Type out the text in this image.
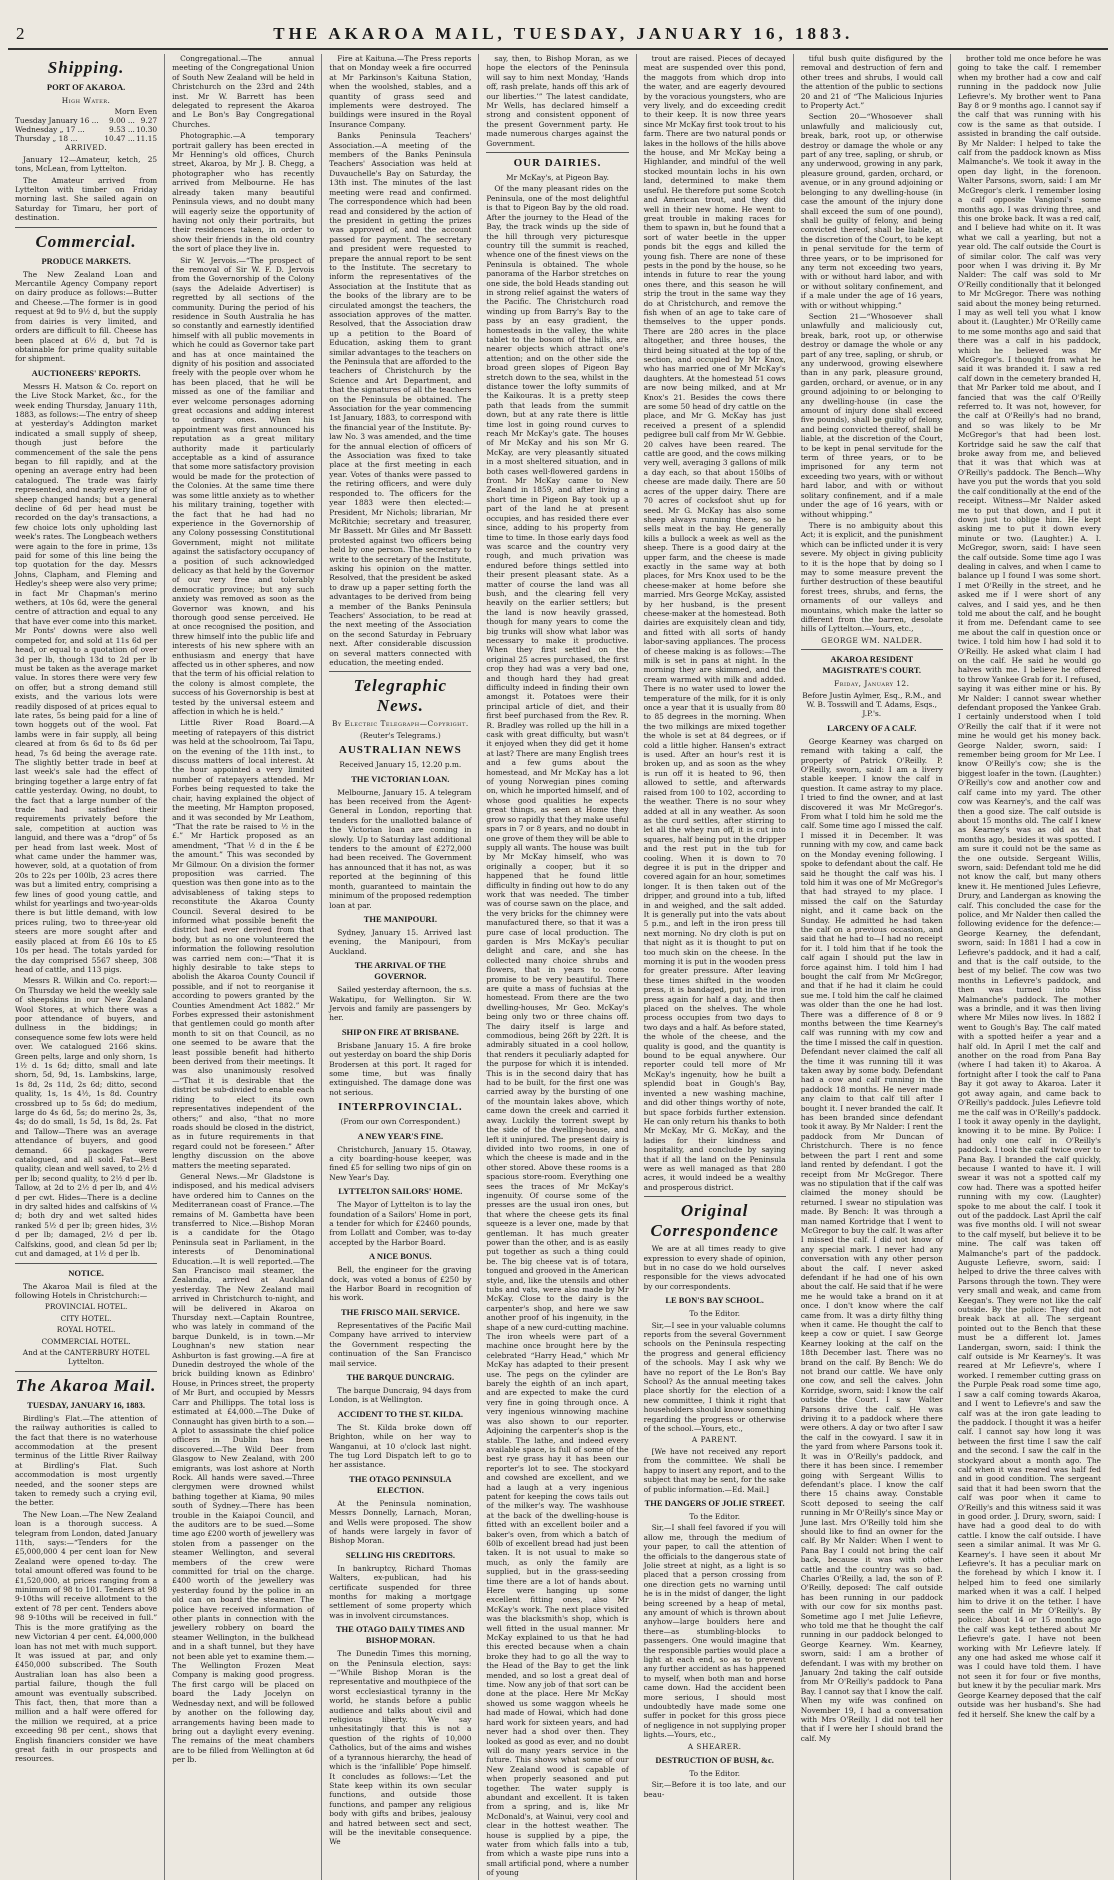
2	THE AKAROA MAIL, TUESDAY, JANUARY 16, 1883.
Shipping.
PORT OF AKAROA.

High Water.

	Morn	Even
Tuesday January 16 ...	9.00 ...	9.27
Wednesday „ 17 ...	9.53 ...	10.30
Thursday „ 18 ...	10.47 ...	11.15

ARRIVED.

January 12—Amateur, ketch, 25 tons, McLean, from Lyttelton.

The Amateur arrived from Lyttelton with timber on Friday morning last. She sailed again on Saturday for Timaru, her port of destination.

Commercial.
PRODUCE MARKETS.

The New Zealand Loan and Mercantile Agency Company report on dairy produce as follows:—Butter and Cheese.—The former is in good request at 9d to 9½ d, but the supply from dairies is very limited, and orders are difficult to fill. Cheese has been placed at 6½ d, but 7d is obtainable for prime quality suitable for shipment.

AUCTIONEERS' REPORTS.

Messrs H. Matson & Co. report on the Live Stock Market, &c., for the week ending Thursday, January 11th, 1883, as follows:—The entry of sheep at yesterday's Addington market indicated a small supply of sheep, though just before the commencement of the sale the pens began to fill rapidly, and at the opening an average entry had been catalogued. The trade was fairly represented, and nearly every line of sheep changed hands; but a general decline of 6d per head must be recorded on the day's transactions, a few choice lots only upholding last week's rates. The Longbeach wethers were again to the fore in prime, 13s paid for some of this line being the top quotation for the day. Messrs Johns, Clapham, and Fleming and Hedley's sheep were also very prime; in fact Mr Chapman's merino wethers, at 10s 6d, were the general centre of attraction and equal to any that have ever come into this market. Mr Ponts' downs were also well competed for, and sold at 11s 6d per head, or equal to a quotation of over 3d per lb, though 13d to 2d per lb must be taken as the average market value. In stores there were very few on offer, but a strong demand still exists, and the various lots were readily disposed of at prices equal to late rates, 5s being paid for a line of town hoggets out of the wool. Fat lambs were in fair supply, all being cleared at from 6s 6d to 8s 6d per head, 7s 6d being the average rate. The slightly better trade in beef at last week's sale had the effect of bringing together a large entry of fat cattle yesterday. Owing, no doubt, to the fact that a large number of the trade had satisfied their requirements privately before the sale, competition at auction was languid, and there was a “drop” of 5s per head from last week. Most of what came under the hammer was, however, sold, at a quotation of from 20s to 22s per 100lb, 23 acres there was but a limited entry, comprising a few lines of good young cattle, and whilst for yearlings and two-year-olds there is but little demand, with low prices ruling, two to three-year old steers are more sought after and easily placed at from £6 10s to £5 10s per head. The totals yarded for the day comprised 5567 sheep, 308 head of cattle, and 113 pigs.

Messrs R. Wilkin and Co. report:—On Thursday we held the weekly sale of sheepskins in our New Zealand Wool Stores, at which there was a poor attendance of buyers, and dullness in the biddings; in consequence some few lots were held over. We catalogued 2166 skins. Green pelts, large and only shorn, 1s 1½ d. 1s 6d; ditto, small and late shorn, 5d, 9d, 1s. Lambskins, large, 1s 8d, 2s 11d, 2s 6d; ditto, second quality, 1s, 1s 4½, 1s 8d. Country crossbred up to 5s 6d; do medium, large do 4s 6d, 5s; do merino 2s, 3s, 4s; do do small, 1s 5d, 1s 8d, 2s. Fat and Tallow—There was an average attendance of buyers, and good demand. 66 packages were catalogued, and all sold. Fat—Best quality, clean and well saved, to 2½ d per lb; second quality, to 2½ d per lb. Tallow, at 2d to 2½ d per lb, and 4½ d per cwt. Hides—There is a decline in dry salted hides and calfskins of ¼ d; both dry and wet salted hides ranked 5½ d per lb; green hides, 3½ d per lb; damaged, 2½ d per lb. Calfskins, good, and clean 5d per lb; cut and damaged, at 1½ d per lb.

NOTICE.

The Akaroa Mail is filed at the following Hotels in Christchurch:—

PROVINCIAL HOTEL.

CITY HOTEL.

ROYAL HOTEL.

COMMERCIAL HOTEL.

And at the CANTERBURY HOTEL Lyttelton.

The Akaroa Mail.
TUESDAY, JANUARY 16, 1883.

Birdling's Flat.—The attention of the railway authorities is called to the fact that there is no waterhouse accommodation at the present terminus of the Little River Railway at Birdling's Flat. Such accommodation is most urgently needed, and the sooner steps are taken to remedy such a crying evil, the better.

The New Loan.—The New Zealand loan is a thorough success. A telegram from London, dated January 11th, says:—“Tenders for the £5,000,000 4 per cent loan for New Zealand were opened to-day. The total amount offered was found to be £1,520,000, at prices ranging from a minimum of 98 to 101. Tenders at 98 9-10ths will receive allotment to the extent of 78 per cent. Tenders above 98 9-10ths will be received in full.” This is the more gratifying as the new Victorian 4 per cent. £4,000,000 loan has not met with much support. It was issued at par, and only £450,000 subscribed. The South Australian loan has also been a partial failure, though the full amount was eventually subscribed. This fact, then, that more than a million and a half were offered for the million we required, at a price exceeding 98 per cent., shows that English financiers consider we have great faith in our prospects and resources.

Congregational.—The annual meeting of the Congregational Union of South New Zealand will be held in Christchurch on the 23rd and 24th inst. Mr W. Barrett has been delegated to represent the Akaroa and Le Bon's Bay Congregational Churches.

Photographic.—A temporary portrait gallery has been erected in Mr Henning's old offices, Church street, Akaroa, by Mr J. B. Chegg, a photographer who has recently arrived from Melbourne. He has already taken many beautiful Peninsula views, and no doubt many will eagerly seize the opportunity of having not only their portraits, but their residences taken, in order to show their friends in the old country the sort of place they live in.

Sir W. Jervois.—“The prospect of the removal of Sir W. F. D. Jervois from the Governorship of the Colony (says the Adelaide Advertiser) is regretted by all sections of the community. During the period of his residence in South Australia he has so constantly and earnestly identified himself with all public movements in which he could as Governor take part and has at once maintained the dignity of his position and associated freely with the people over whom he has been placed, that he will be missed as one of the familiar and ever welcome personages adorning great occasions and adding interest to ordinary ones. When his appointment was first announced his reputation as a great military authority made it particularly acceptable as a kind of assurance that some more satisfactory provision would be made for the protection of the Colonies. At the same time there was some little anxiety as to whether his military training, together with the fact that he had had no experience in the Governorship of any Colony possessing Constitutional Government, might not militate against the satisfactory occupancy of a position of such acknowledged delicacy as that held by the Governor of our very free and tolerably democratic province; but any such anxiety was removed as soon as the Governor was known, and his thorough good sense perceived. He at once recognised the position, and threw himself into the public life and interests of his new sphere with an enthusiasm and energy that have affected us in other spheres, and now that the term of his official relation to the colony is almost complete, the success of his Governorship is best at tested by the universal esteem and affection in which he is held.”

Little River Road Board.—A meeting of ratepayers of this district was held at the schoolroom, Tai Tapu, on the evening of the 11th inst., to discuss matters of local interest. At the hour appointed a very limited number of ratepayers attended. Mr Forbes being requested to take the chair, having explained the object of the meeting, Mr Hampton proposed, and it was seconded by Mr Leathom, “That the rate be raised to ½ in the £.” Mr Hartick proposed as an amendment, “That ½ d in the £ be the amount.” This was seconded by Mr Gilmour. On a division the former proposition was carried. The question was then gone into as to the advisableness of taking steps to reconstitute the Akaroa County Council. Several desired to be informed what possible benefit the district had ever derived from that body, but as no one volunteered the information the following resolution was carried nem con:—“That it is highly desirable to take steps to abolish the Akaroa County Council if possible, and if not to reorganise it according to powers granted by the Counties Amendment Act 1882.” Mr Forbes expressed their astonishment that gentlemen could go month after month to sit on that Council, as no one seemed to be aware that the least possible benefit had hitherto been derived from their meetings. It was also unanimously resolved—“That it is desirable that the district be sub-divided to enable each riding to elect its own representatives independent of the others;” and also, “that no more roads should be closed in the district, as in future requirements in that regard could not be foreseen.” After lengthy discussion on the above matters the meeting separated.

General News.—Mr Gladstone is indisposed, and his medical advisers have ordered him to Cannes on the Mediterranean coast of France.—The remains of M. Gambetta have been transferred to Nice.—Bishop Moran is a candidate for the Otago Peninsula seat in Parliament, in the interests of Denominational Education.—It is well reported.—The San Francisco mail steamer, the Zealandia, arrived at Auckland yesterday. The New Zealand mail arrived in Christchurch to-night, and will be delivered in Akaroa on Thursday next.—Captain Rountree, who was lately in command of the barque Dunkeld, is in town.—Mr Loughnan's new station near Ashburton is fast growing.—A fire at Dunedin destroyed the whole of the brick building known as Edinbro' House, in Princes street, the property of Mr Burt, and occupied by Messrs Carr and Phillipps. The total loss is estimated at £4,000.—The Duke of Connaught has given birth to a son.—A plot to assassinate the chief police officers in Dublin has been discovered.—The Wild Deer from Glasgow to New Zealand, with 200 emigrants, was lost ashore at North Rock. All hands were saved.—Three clergymen were drowned whilst bathing together at Kiama, 90 miles south of Sydney.—There has been trouble in the Kaiapoi Council, and the auditors are to be sued.—Some time ago £200 worth of jewellery was stolen from a passenger on the steamer Wellington, and several members of the crew were committed for trial on the charge. £400 worth of the jewellery was yesterday found by the police in an old can on board the steamer. The police have received information of other plants in connection with the jewellery robbery on board the steamer Wellington, in the bulkhead and in a shaft tunnel, but they have not been able yet to examine them.—The Wellington Frozen Meat Company is making good progress. The first cargo will be placed on board the Lady Jocelyn on Wednesday next, and will be followed by another on the following day, arrangements having been made to bring out a daylight every evening. The remains of the meat chambers are to be filled from Wellington at 6d per lb.

Fire at Kaituna.—The Press reports that on Monday week a fire occurred at Mr Parkinson's Kaituna Station, when the woolshed, stables, and a quantity of grass seed and implements were destroyed. The buildings were insured in the Royal Insurance Company.

Banks Peninsula Teachers' Association.—A meeting of the members of the Banks Peninsula Teachers' Association was held at Duvauchelle's Bay on Saturday, the 13th inst. The minutes of the last meeting were read and confirmed. The correspondence which had been read and considered by the action of the president in getting the prizes was approved of, and the account passed for payment. The secretary and president were requested to prepare the annual report to be sent to the Institute. The secretary to inform the representatives of the Association at the Institute that as the books of the library are to be circulated amongst the teachers, the association approves of the matter. Resolved, that the Association draw up a petition to the Board of Education, asking them to grant similar advantages to the teachers on the Peninsula that are afforded to the teachers of Christchurch by the Science and Art Department, and that the signatures of all the teachers on the Peninsula be obtained. The Association for the year commencing 1st January, 1883, to correspond with the financial year of the Institute. By-law No. 3 was amended, and the time for the annual election of officers of the Association was fixed to take place at the first meeting in each year. Votes of thanks were passed to the retiring officers, and were duly responded to. The officers for the year 1883 were then elected:—President, Mr Nichols; librarian, Mr McRitchie; secretary and treasurer, Mr Bassett. Mr Giles and Mr Bassett protested against two officers being held by one person. The secretary to write to the secretary of the Institute, asking his opinion on the matter. Resolved, that the president be asked to draw up a paper setting forth the advantages to be derived from being a member of the Banks Peninsula Teachers' Association, to be read at the next meeting of the Association on the second Saturday in February next. After considerable discussion on several matters connected with education, the meeting ended.

Telegraphic News.

By Electric Telegraph—Copyright.

(Reuter's Telegrams.)

AUSTRALIAN NEWS

Received January 15, 12.20 p.m.

THE VICTORIAN LOAN.

Melbourne, January 15. A telegram has been received from the Agent-General in London, reporting that tenders for the unallotted balance of the Victorian loan are coming in slowly. Up to Saturday last additional tenders to the amount of £272,000 had been received. The Government has announced that it has not, as was reported at the beginning of this month, guaranteed to maintain the minimum of the proposed redemption loan at par.

THE MANIPOURI.

Sydney, January 15. Arrived last evening, the Manipouri, from Auckland.

THE ARRIVAL OF THE GOVERNOR.

Sailed yesterday afternoon, the s.s. Wakatipu, for Wellington. Sir W. Jervois and family are passengers by her.

SHIP ON FIRE AT BRISBANE.

Brisbane January 15. A fire broke out yesterday on board the ship Doris Brodersen at this port. It raged for some time, but was finally extinguished. The damage done was not serious.

INTERPROVINCIAL.

(From our own Correspondent.)

A NEW YEAR'S FINE.

Christchurch, January 15. Otaway, a city boarding-house keeper, was fined £5 for selling two nips of gin on New Year's Day.

LYTTELTON SAILORS' HOME.

The Mayor of Lyttelton is to lay the foundation of a Sailors' Home in port, a tender for which for £2460 pounds, from Lollatt and Comber, was to-day accepted by the Harbor Board.

A NICE BONUS.

Bell, the engineer for the graving dock, was voted a bonus of £250 by the Harbor Board in recognition of his work.

THE FRISCO MAIL SERVICE.

Representatives of the Pacific Mail Company have arrived to interview the Government respecting the continuation of the San Francisco mail service.

THE BARQUE DUNCRAIG.

The barque Duncraig, 94 days from London, is at Wellington.

ACCIDENT TO THE ST. KILDA.

The St. Kilda broke down off Brighton, while on her way to Wanganui, at 10 o'clock last night. The tug Lord Dispatch left to go to her assistance.

THE OTAGO PENINSULA ELECTION.

At the Peninsula nomination, Messrs Donnelly, Larnach, Moran, and Wells were proposed. The show of hands were largely in favor of Bishop Moran.

SELLING HIS CREDITORS.

In bankruptcy, Richard Thomas Walters, ex-publican, had his certificate suspended for three months for making a mortgage settlement of some property which was in involvent circumstances.

THE OTAGO DAILY TIMES AND BISHOP MORAN.

The Dunedin Times this morning, on the Peninsula election, says:—“While Bishop Moran is the representative and mouthpiece of the worst ecclesiastical tyranny in the world, he stands before a public audience and talks about civil and religious liberty. We say unhesitatingly that this is not a question of the rights of 10,000 Catholics, but of the aims and wishes of a tyrannous hierarchy, the head of which is the ‘infallible’ Pope himself. It concludes as follows:—‘Let the State keep within its own secular functions, and outside those functions, and pamper any religious body with gifts and bribes, jealousy and hatred between sect and sect, will be the inevitable consequence. We

say, then, to Bishop Moran, as we hope the electors of the Peninsula will say to him next Monday, ‘Hands off, rash prelate, hands off this ark of our liberties.’” The latest candidate, Mr Wells, has declared himself a strong and consistent opponent of the present Government party. He made numerous charges against the Government.

OUR DAIRIES.

Mr McKay's, at Pigeon Bay.

Of the many pleasant rides on the Peninsula, one of the most delightful is that to Pigeon Bay by the old road. After the journey to the Head of the Bay, the track winds up the side of the hill through very picturesque country till the summit is reached, whence one of the finest views on the Peninsula is obtained. The whole panorama of the Harbor stretches on one side, the bold Heads standing out in strong relief against the waters of the Pacific. The Christchurch road winding up from Barry's Bay to the pass by an easy gradient, the homesteads in the valley, the white tablet to the bosom of the hills, are nearer objects which attract one's attention; and on the other side the broad green slopes of Pigeon Bay stretch down to the sea, whilst in the distance tower the lofty summits of the Kaikouras. It is a pretty steep path that leads from the summit down, but at any rate there is little time lost in going round curves to reach Mr McKay's gate. The houses of Mr McKay and his son Mr G. McKay, are very pleasantly situated in a most sheltered situation, and in both cases well-flowered gardens in front. Mr McKay came to New Zealand in 1859, and after living a short time in Pigeon Bay took up a part of the land he at present occupies, and has resided there ever since, adding to his property from time to time. In those early days food was scarce and the country very rough, and much privation was endured before things settled into their present pleasant state. As a matter of course the land was all bush, and the clearing fell very heavily on the earlier settlers; but the land is now heavily grassed, though for many years to come the big trunks will show what labor was necessary to make it productive. When they first settled on the original 25 acres purchased, the first crop they had was a very bad one, and though hard they had great difficulty indeed in finding their own amongst it. Potatoes were their principal article of diet, and their first beef purchased from the Rev. R. R. Bradley was rolled up the hill in a cask with great difficulty, but wasn't it enjoyed when they did get it home at last? There are many English trees and a few gums about the homestead, and Mr McKay has a lot of young Norwegian pines coming on, which he imported himself, and of whose good qualities he expects great things, as seen at Home they grow so rapidly that they make useful spars in 7 or 8 years, and no doubt in one grove of them they will be able to supply all wants. The house was built by Mr McKay himself, who was originally a cooper, but it so happened that he found little difficulty in finding out how to do any work that was needed. The timber was of course sawn on the place, and the very bricks for the chimney were manufactured there, so that it was a pure case of local production. The garden is Mrs McKay's peculiar delight and care, and she has collected many choice shrubs and flowers, that in years to come promise to be very beautiful. There are quite a mass of fuchsias at the homestead. From there are the two dwelling-houses, Mr Geo. McKay's being only two or three chains off. The dairy itself is large and commodious, being 26ft by 22ft. It is admirably situated in a cool hollow, that renders it peculiarly adapted for the purpose for which it is intended. This is in the second dairy that has had to be built, for the first one was carried away by the bursting of one of the mountain lakes above, which came down the creek and carried it away. Luckily the torrent swept by the side of the dwelling-house, and left it uninjured. The present dairy is divided into two rooms, in one of which the cheese is made and in the other stored. Above these rooms is a spacious store-room. Everything one sees the traces of Mr McKay's ingenuity. Of course some of the presses are the usual iron ones, but that where the cheese gets its final squeeze is a lever one, made by that gentleman. It has much greater power than the other, and is as easily put together as such a thing could be. The big cheese vat is of totara, tongued and grooved in the American style, and, like the utensils and other tubs and vats, were also made by Mr McKay. Close to the dairy is the carpenter's shop, and here we saw another proof of his ingenuity, in the shape of a new curd-cutting machine. The iron wheels were part of a machine once brought here by the celebrated “Harry Head,” which Mr McKay has adapted to their present use. The pegs on the cylinder are barely the eighth of an inch apart, and are expected to make the curd very fine in going through once. A very ingenious winnowing machine was also shown to our reporter. Adjoining the carpenter's shop is the stable. The lathe, and indeed every available space, is full of some of the best rye grass hay it has been our reporter's lot to see. The stockyard and cowshed are excellent, and we had a laugh at a very ingenious patent for keeping the cows tails out of the milker's way. The washhouse at the back of the dwelling-house is fitted with an excellent boiler and a baker's oven, from which a batch of 60lb of excellent bread had just been taken. It is not usual to make so much, as only the family are supplied, but in the grass-seeding time there are a lot of hands about. Here were hanging up some excellent fitting ones, also Mr McKay's work. The next place visited was the blacksmith's shop, which is well fitted in the usual manner. Mr McKay explained to us that he had this erected because when a chain broke they had to go all the way to the Head of the Bay to get the link mended, and so lost a great deal of time. Now any job of that sort can be done at the place. Here Mr McKay showed us some waggon wheels he had made of Howai, which had done hard work for sixteen years, and had never had a shod over then. They looked as good as ever, and no doubt will do many years service in the future. This shows what some of our New Zealand wood is capable of when properly seasoned and put together. The water supply is abundant and excellent. It is taken from a spring, and is, like Mr McDonald's, at Wainui, very cool and clear in the hottest weather. The house is supplied by a pipe, the water from which falls into a tub, from which a waste pipe runs into a small artificial pond, where a number of young

trout are raised. Pieces of decayed meat are suspended over this pond, the maggots from which drop into the water, and are eagerly devoured by the voracious youngsters, who are very lively, and do exceeding credit to their keep. It is now three years since Mr McKay first took trout to his farm. There are two natural ponds or lakes in the hollows of the hills above the house, and Mr McKay being a Highlander, and mindful of the well stocked mountain lochs in his own land, determined to make them useful. He therefore put some Scotch and American trout, and they did well in their new home. He went to great trouble in making races for them to spawn in, but he found that a sort of water beetle in the upper ponds bit the eggs and killed the young fish. There are none of these pests in the pond by the house, so he intends in future to rear the young ones there, and this season he will strip the trout in the same way they do at Christchurch, and remove the fish when of an age to take care of themselves to the upper ponds. There are 280 acres in the place altogether, and three houses, the third being situated at the top of the section, and occupied by Mr Knox, who has married one of Mr McKay's daughters. At the homestead 51 cows are now being milked, and at Mr Knox's 21. Besides the cows there are some 50 head of dry cattle on the place, and Mr G. McKay has just received a present of a splendid pedigree bull calf from Mr W. Gebbie. 20 calves have been reared. The cattle are good, and the cows milking very well, averaging 3 gallons of milk a day each, so that about 150lbs of cheese are made daily. There are 50 acres of the upper dairy. There are 70 acres of cocksfoot shut up for seed. Mr G. McKay has also some sheep always running there, so he sells meat in the bay. He generally kills a bullock a week as well as the sheep. There is a good dairy at the upper farm, and the cheese is made exactly in the same way at both places, for Mrs Knox used to be the cheese-maker at home before she married. Mrs George McKay, assisted by her husband, is the present cheese-maker at the homestead. Both dairies are exquisitely clean and tidy, and fitted with all sorts of handy labor-saving appliances. The process of cheese making is as follows:—The milk is set in pans at night. In the morning they are skimmed, and the cream warmed with milk and added. There is no water used to lower the temperature of the milk, for it is only once a year that it is usually from 80 to 85 degrees in the morning. When the two milkings are mixed together the whole is set at 84 degrees, or if cold a little higher. Hansen's extract is used. After an hour's rest it is broken up, and as soon as the whey is run off it is heated to 96, then allowed to settle, and afterwards raised from 100 to 102, according to the weather. There is no sour whey added at all in any weather. As soon as the curd settles, after stirring to let all the whey run off, it is cut into squares, half being put in the dripper and the rest put in the tub for cooling. When it is down to 70 degree it is put in the dripper and covered again for an hour, sometimes longer. It is then taken out of the dripper, and ground into a tub, lifted in and weighed, and the salt added. It is generally put into the vats about 5 p.m., and left in the iron press till next morning. No dry cloth is put on that night as it is thought to put on too much skin on the cheese. In the morning it is put in the wooden press for greater pressure. After leaving these times shifted in the wooden press, it is bandaged, put in the iron press again for half a day, and then placed on the shelves. The whole process occupies from two days to two days and a half. As before stated, the whole of the cheese, and the quality is good, and the quantity is bound to be equal anywhere. Our reporter could tell more of Mr McKay's ingenuity, how he built a splendid boat in Gough's Bay, invented a new washing machine, and did other things worthy of note, but space forbids further extension. He can only return his thanks to both Mr McKay, Mr G. McKay, and the ladies for their kindness and hospitality, and conclude by saying that if all the land on the Peninsula were as well managed as that 280 acres, it would indeed be a wealthy and prosperous district.

Original Correspondence

We are at all times ready to give expression to every shade of opinion, but in no case do we hold ourselves responsible for the views advocated by our correspondents.

LE BON'S BAY SCHOOL.

To the Editor.

Sir,—I see in your valuable columns reports from the several Government schools on the Peninsula respecting the progress and general efficiency of the schools. May I ask why we have no report of the Le Bon's Bay School? As the annual meeting takes place shortly for the election of a new committee, I think it right that householders should know something regarding the progress or otherwise of the school.—Yours, etc.,

A PARENT.

[We have not received any report from the committee. We shall be happy to insert any report, and to the subject that may be sent, for the sake of public information.—Ed. Mail.]

THE DANGERS OF JOLIE STREET.

To the Editor.

Sir,—I shall feel favored if you will allow me, through the medium of your paper, to call the attention of the officials to the dangerous state of Jolie street at night, as a light is so placed that a person crossing from one direction gets no warning until he is in the midst of danger, the light being screened by a heap of metal, any amount of which is thrown about anyhow—large boulders here and there—as stumbling-blocks to passengers. One would imagine that the responsible parties would place a light at each end, so as to prevent any further accident as has happened to myself, when both man and horse came down. Had the accident been more serious, I should most undoubtedly have made some one suffer in pocket for this gross piece of negligence in not supplying proper lights.—Yours, etc.,

A SHEARER.

DESTRUCTION OF BUSH, &c.

To the Editor.

Sir,—Before it is too late, and our beau-

tiful bush quite disfigured by the removal and destruction of fern and other trees and shrubs, I would call the attention of the public to sections 20 and 21 of “The Malicious Injuries to Property Act.”

Section 20—“Whosoever shall unlawfully and maliciously cut, break, bark, root up, or otherwise destroy or damage the whole or any part of any tree, sapling, or shrub, or any underwood, growing in any park, pleasure ground, garden, orchard, or avenue, or in any ground adjoining or belonging to any dwelling-house (in case the amount of the injury done shall exceed the sum of one pound), shall be guilty of felony, and being convicted thereof, shall be liable, at the discretion of the Court, to be kept in penal servitude for the term of three years, or to be imprisoned for any term not exceeding two years, with or without hard labor, and with or without solitary confinement, and if a male under the age of 16 years, with or without whipping.”

Section 21—“Whosoever shall unlawfully and maliciously cut, break, bark, root up, or otherwise destroy or damage the whole or any part of any tree, sapling, or shrub, or any underwood, growing elsewhere than in any park, pleasure ground, garden, orchard, or avenue, or in any ground adjoining to or belonging to any dwelling-house (in case the amount of injury done shall exceed five pounds), shall be guilty of felony, and being convicted thereof, shall be liable, at the discretion of the Court, to be kept in penal servitude for the term of three years, or to be imprisoned for any term not exceeding two years, with or without hard labor, and with or without solitary confinement, and if a male under the age of 16 years, with or without whipping.”

There is no ambiguity about this Act; it is explicit, and the punishment which can be inflicted under it is very severe. My object in giving publicity to it is the hope that by doing so I may to some measure prevent the further destruction of these beautiful forest trees, shrubs, and ferns, the ornaments of our valleys and mountains, which make the latter so different from the barren, desolate hills of Lyttelton.—Yours, etc.,

GEORGE WM. NALDER.

AKAROA RESIDENT MAGISTRATE'S COURT.

Friday, January 12.

Before Justin Aylmer, Esq., R.M., and W. B. Tosswill and T. Adams, Esqs., J.P.'s.

LARCENY OF A CALF.

George Kearney was charged on remand with taking a calf, the property of Patrick O'Reilly. P. O'Reilly, sworn, said: I am a livery stable keeper. I know the calf in question. It came astray to my place. I tried to find the owner, and at last discovered it was Mr McGregor's. From what I told him he sold me the calf. Some time ago I missed the calf. I missed it in December. It was running with my cow, and came back on the Monday evening following. I spoke to defendant about the calf. He said he thought the calf was his. I told him it was one of Mr McGregor's that had strayed to my place. I missed the calf on the Saturday night, and it came back on the Sunday. He admitted he had taken the calf on a previous occasion, and said that he had to—I had no receipt for it. I told him that if he took the calf again I should put the law in force against him. I told him I had bought the calf from Mr McGregor, and that if he had it claim he could sue me. I told him the calf he claimed was older than the one he had lost. There was a difference of 8 or 9 months between the time Kearney's calf was running with my cow and the time I missed the calf in question. Defendant never claimed the calf all the time it was running till it was taken away by some body. Defendant had a cow and calf running in the paddock 18 months. He never made any claim to that calf till after I bought it. I never branded the calf. It has been branded since defendant took it away. By Mr Nalder: I rent the paddock from Mr Duncan of Christchurch. There is no fence between the part I rent and some land rented by defendant. I got the receipt from Mr McGregor. There was no stipulation that if the calf was claimed the money should be returned. I swear no stipulation was made. By Bench: It was through a man named Kortridge that I went to McGregor to buy the calf. It was after I missed the calf. I did not know of any special mark. I never had any conversation with any other person about the calf. I never asked defendant if he had one of his own about the calf. He said that if he were me he would take a brand on it at once. I don't know where the calf came from. It was a dirty filthy thing when it came. He thought the calf to keep a cow or quiet. I saw George Kearney looking at the calf on the 18th December last. There was no brand on the calf. By Bench: We do not brand our cattle. We have only one cow, and sell the calves. John Korridge, sworn, said: I know the calf outside the Court. I saw Walter Parsons drive the calf. He was driving it to a paddock where there were others. A day or two after I saw the calf in the cowyard. I saw it in the yard from where Parsons took it. It was in O'Reilly's paddock, and there it has been since. I remember going with Sergeant Willis to defendant's place. I know the calf there 15 chains away. Constable Scott deposed to seeing the calf running in Mr O'Reilly's since May or June last. Mrs O'Reilly told him she should like to find an owner for the calf. By Mr Nalder: When I went to Pana Bay I could not bring the calf back, because it was with other cattle and the country was so bad. Charles O'Reilly, a lad, the son of P. O'Reilly, deposed: The calf outside has been running in our paddock with our cow for six months past. Sometime ago I met Julie Lefievre, who told me that he thought the calf running in our paddock belonged to George Kearney. Wm. Kearney, sworn, said: I am a brother of defendant. I was with my brother on January 2nd taking the calf outside from Mr O'Reilly's paddock to Pana Bay. I cannot say that I know the calf. When my wife was confined on November 19, I had a conversation with Mrs O'Reilly. I did not tell her that if I were her I should brand the calf. My

brother told me once before he was going to take the calf. I remember when my brother had a cow and calf running in the paddock now Julie Lefievre's. My brother went to Pana Bay 8 or 9 months ago. I cannot say if the calf that was running with his cow is the same as that outside. I assisted in branding the calf outside. By Mr Nalder: I helped to take the calf from the paddock known as Miss Malmanche's. We took it away in the open day light, in the forenoon. Walter Parsons, sworn, said: I am Mr McGregor's clerk. I remember losing a calf opposite Vangioni's some months ago. I was driving three, and this one broke back. It was a red calf, and I believe had white on it. It was what we call a yearling, but not a year old. The calf outside the Court is of similar color. The calf was very poor when I was driving it. By Mr Nalder: The calf was sold to Mr O'Reilly conditionally that it belonged to Mr McGregor. There was nothing said about the money being returned. I may as well tell you what I know about it. (Laughter.) Mr O'Reilly came to me some months ago and said that there was a calf in his paddock, which he believed was Mr McGregor's. I thought from what he said it was branded it. I saw a red calf down in the cemetery branded H, that Mr Parker told me about, and I fancied that was the calf O'Reilly referred to. It was not, however, for the calf at O'Reilly's had no brand, and so was likely to be Mr McGregor's that had been lost. Kortridge said he saw the calf that broke away from me, and believed that it was that which was at O'Reilly's paddock. The Bench—Why have you put the words that you sold the calf conditionally at the end of the receipt. Witness—Mr Nalder asked me to put that down, and I put it down just to oblige him. He kept asking me to put it down every minute or two. (Laughter.) A. I. McGregor, sworn, said: I have seen the calf outside. Some time ago I was dealing in calves, and when I came to balance up I found I was some short. I met O'Reilly in the street, and he asked me if I were short of any calves, and I said yes, and he then told me about the calf, and he bought it from me. Defendant came to see me about the calf in question once or twice. I told him how I had sold it to O'Reilly. He asked what claim I had on the calf. He said he would go halves with me. I believe he offered to throw Yankee Grab for it. I refused, saying it was either mine or his. By Mr Nalder: I cannot swear whether defendant proposed the Yankee Grab. I certainly understood when I told O'Reilly the calf that if it were not mine he would get his money back. George Nalder, sworn, said: I remember being groom for Mr Lee. I know O'Reilly's cow; she is the biggest loafer in the town. (Laughter.) O'Reilly's cow and another cow and calf came into my yard. The other cow was Kearney's, and the calf was then a good size. The calf outside is about 15 months old. The calf I knew as Kearney's was as old as that months ago, besides it was spotted. I am sure it could not be the same as the one outside. Sergeant Willis, sworn, said: Defendant told me he did not know the calf, but many others knew it. He mentioned Jules Lefievre, Drury, and Landergan as knowing the calf. This concluded the case for the police, and Mr Nalder then called the following evidence for the defence:— George Kearney, the defendant, sworn, said: In 1881 I had a cow in Lefievre's paddock, and it had a calf, and that is the calf outside, to the best of my belief. The cow was two months in Lefievre's paddock, and then was turned into Miss Malmanche's paddock. The mother was a brindle, and it was then living where Mr Miles now lives. In 1882 I went to Gough's Bay. The calf mated with a spotted heifer a year and a half old. In April I met the calf and another on the road from Pana Bay (where I had taken it) to Akaroa. A fortnight after I took the calf to Pana Bay it got away to Akaroa. Later it got away again, and came back to O'Reilly's paddock. Jules Lefievre told me the calf was in O'Reilly's paddock. I took it away openly in the daylight, knowing it to be mine. By Police: I had only one calf in O'Reilly's paddock. I took the calf twice over to Pana Bay. I branded the calf quickly, because I wanted to have it. I will swear it was not a spotted calf my cow had. There was a spotted heifer running with my cow. (Laughter) spoke to me about the calf. I took it out of the paddock. Last April the calf was five months old. I will not swear to the calf myself, but believe it to be mine. The calf was taken off Malmanche's part of the paddock. Auguste Lefievre, sworn, said: I helped to drive the three calves with Parsons through the town. They were very small and weak, and came from Keegan's. They were not like the calf outside. By the police: They did not break back at all. The sergeant pointed out to the Bench that these must be a different lot. James Landergan, sworn, said: I think the calf outside is Mr Kearney's. It was reared at Mr Lefievre's, where I worked. I remember cutting grass on the Purple Peak road some time ago, I saw a calf coming towards Akaroa, and I went to Lefievre's and saw the calf was at the iron gate leading to the paddock. I thought it was a heifer calf. I cannot say how long it was between the first time I saw the calf and the second. I saw the calf in the stockyard about a month ago. The calf when it was reared was half fed and in good condition. The sergeant said that it had been sworn that the calf was poor when it came to O'Reilly's and this witness said it was in good order. J. Drury, sworn, said: I have had a good deal to do with cattle. I know the calf outside. I have seen a similar animal. It was Mr G. Kearney's. I have seen it about Mr Lefievre's. It has a peculiar mark on the forehead by which I know it. I helped him to feed one similarly marked when it was a calf. I helped him to drive it on the tether. I have seen the calf in Mr O'Reilly's. By police: About 14 or 15 months ago the calf was kept tethered about Mr Lefievre's gate. I have not been working with Mr Lefievre lately. If any one had asked me whose calf it was I could have told them. I have not seen it for four or five months, but knew it by the peculiar mark. Mrs George Kearney deposed that the calf outside was her husband's. She had fed it herself. She knew the calf by a
